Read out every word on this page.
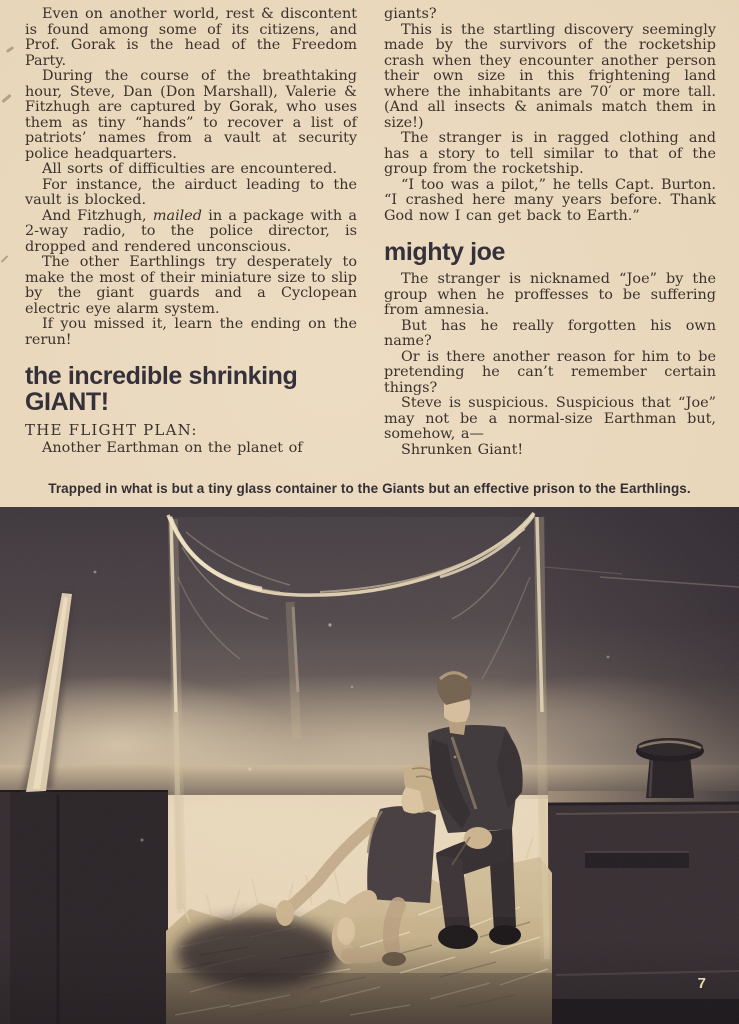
Even on another world, rest & discontent is found among some of its citizens, and Prof. Gorak is the head of the Freedom Party.

During the course of the breathtaking hour, Steve, Dan (Don Marshall), Valerie & Fitzhugh are captured by Gorak, who uses them as tiny “hands” to recover a list of patriots’ names from a vault at security police headquarters.

All sorts of difficulties are encountered.

For instance, the airduct leading to the vault is blocked.

And Fitzhugh, mailed in a package with a 2-way radio, to the police director, is dropped and rendered unconscious.

The other Earthlings try desperately to make the most of their miniature size to slip by the giant guards and a Cyclopean electric eye alarm system.

If you missed it, learn the ending on the rerun!

the incredible shrinking
GIANT!

THE FLIGHT PLAN:

Another Earthman on the planet of

giants?

This is the startling discovery seemingly made by the survivors of the rocketship crash when they encounter another person their own size in this frightening land where the inhabitants are 70′ or more tall. (And all insects & animals match them in size!)

The stranger is in ragged clothing and has a story to tell similar to that of the group from the rocketship.

“I too was a pilot,” he tells Capt. Burton. “I crashed here many years before. Thank God now I can get back to Earth.”

mighty joe

The stranger is nicknamed “Joe” by the group when he proffesses to be suffering from amnesia.

But has he really forgotten his own name?

Or is there another reason for him to be pretending he can’t remember certain things?

Steve is suspicious. Suspicious that “Joe” may not be a normal-size Earthman but, somehow, a—

Shrunken Giant!

Trapped in what is but a tiny glass container to the Giants but an effective prison to the Earthlings.
7
